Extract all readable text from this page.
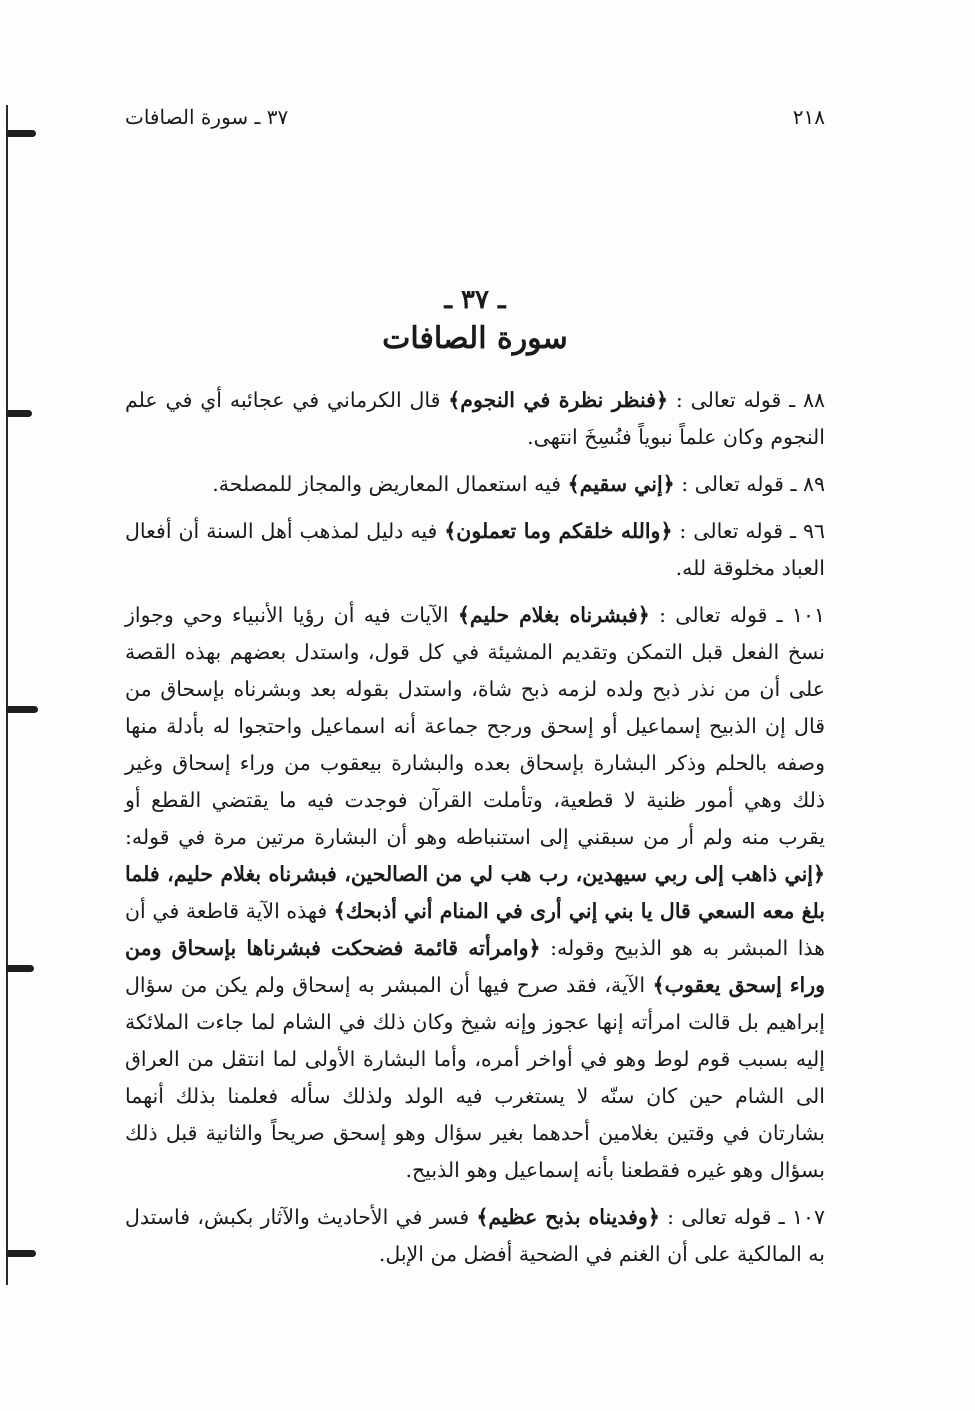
٢١٨
٣٧ ـ سورة الصافات
ـ ٣٧ ـ
سورة الصافات

٨٨ ـ قوله تعالى : ﴿فنظر نظرة في النجوم﴾ قال الكرماني في عجائبه أي في علم النجوم وكان علماً نبوياً فنُسِخَ انتهى.

٨٩ ـ قوله تعالى : ﴿إني سقيم﴾ فيه استعمال المعاريض والمجاز للمصلحة.

٩٦ ـ قوله تعالى : ﴿والله خلقكم وما تعملون﴾ فيه دليل لمذهب أهل السنة أن أفعال العباد مخلوقة لله.

١٠١ ـ قوله تعالى : ﴿فبشرناه بغلام حليم﴾ الآيات فيه أن رؤيا الأنبياء وحي وجواز نسخ الفعل قبل التمكن وتقديم المشيئة في كل قول، واستدل بعضهم بهذه القصة على أن من نذر ذبح ولده لزمه ذبح شاة، واستدل بقوله بعد وبشرناه بإسحاق من قال إن الذبيح إسماعيل أو إسحق ورجح جماعة أنه اسماعيل واحتجوا له بأدلة منها وصفه بالحلم وذكر البشارة بإسحاق بعده والبشارة بيعقوب من وراء إسحاق وغير ذلك وهي أمور ظنية لا قطعية، وتأملت القرآن فوجدت فيه ما يقتضي القطع أو يقرب منه ولم أر من سبقني إلى استنباطه وهو أن البشارة مرتين مرة في قوله: ﴿إني ذاهب إلى ربي سيهدين، رب هب لي من الصالحين، فبشرناه بغلام حليم، فلما بلغ معه السعي قال يا بني إني أرى في المنام أني أذبحك﴾ فهذه الآية قاطعة في أن هذا المبشر به هو الذبيح وقوله: ﴿وامرأته قائمة فضحكت فبشرناها بإسحاق ومن وراء إسحق يعقوب﴾ الآية، فقد صرح فيها أن المبشر به إسحاق ولم يكن من سؤال إبراهيم بل قالت امرأته إنها عجوز وإنه شيخ وكان ذلك في الشام لما جاءت الملائكة إليه بسبب قوم لوط وهو في أواخر أمره، وأما البشارة الأولى لما انتقل من العراق الى الشام حين كان سنّه لا يستغرب فيه الولد ولذلك سأله فعلمنا بذلك أنهما بشارتان في وقتين بغلامين أحدهما بغير سؤال وهو إسحق صريحاً والثانية قبل ذلك بسؤال وهو غيره فقطعنا بأنه إسماعيل وهو الذبيح.

١٠٧ ـ قوله تعالى : ﴿وفديناه بذبح عظيم﴾ فسر في الأحاديث والآثار بكبش، فاستدل به المالكية على أن الغنم في الضحية أفضل من الإبل.
